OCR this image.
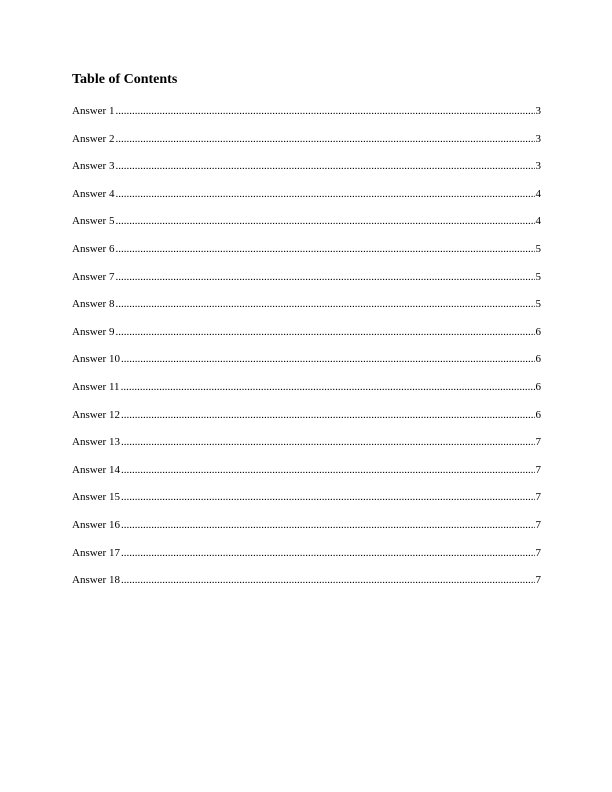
Table of Contents
Answer 1 .....	3
Answer 2 .....	3
Answer 3 .....	3
Answer 4 .....	4
Answer 5 .....	4
Answer 6 .....	5
Answer 7 .....	5
Answer 8 .....	5
Answer 9 .....	6
Answer 10 .....	6
Answer 11 .....	6
Answer 12 .....	6
Answer 13 .....	7
Answer 14 .....	7
Answer 15 .....	7
Answer 16 .....	7
Answer 17 .....	7
Answer 18 .....	7
